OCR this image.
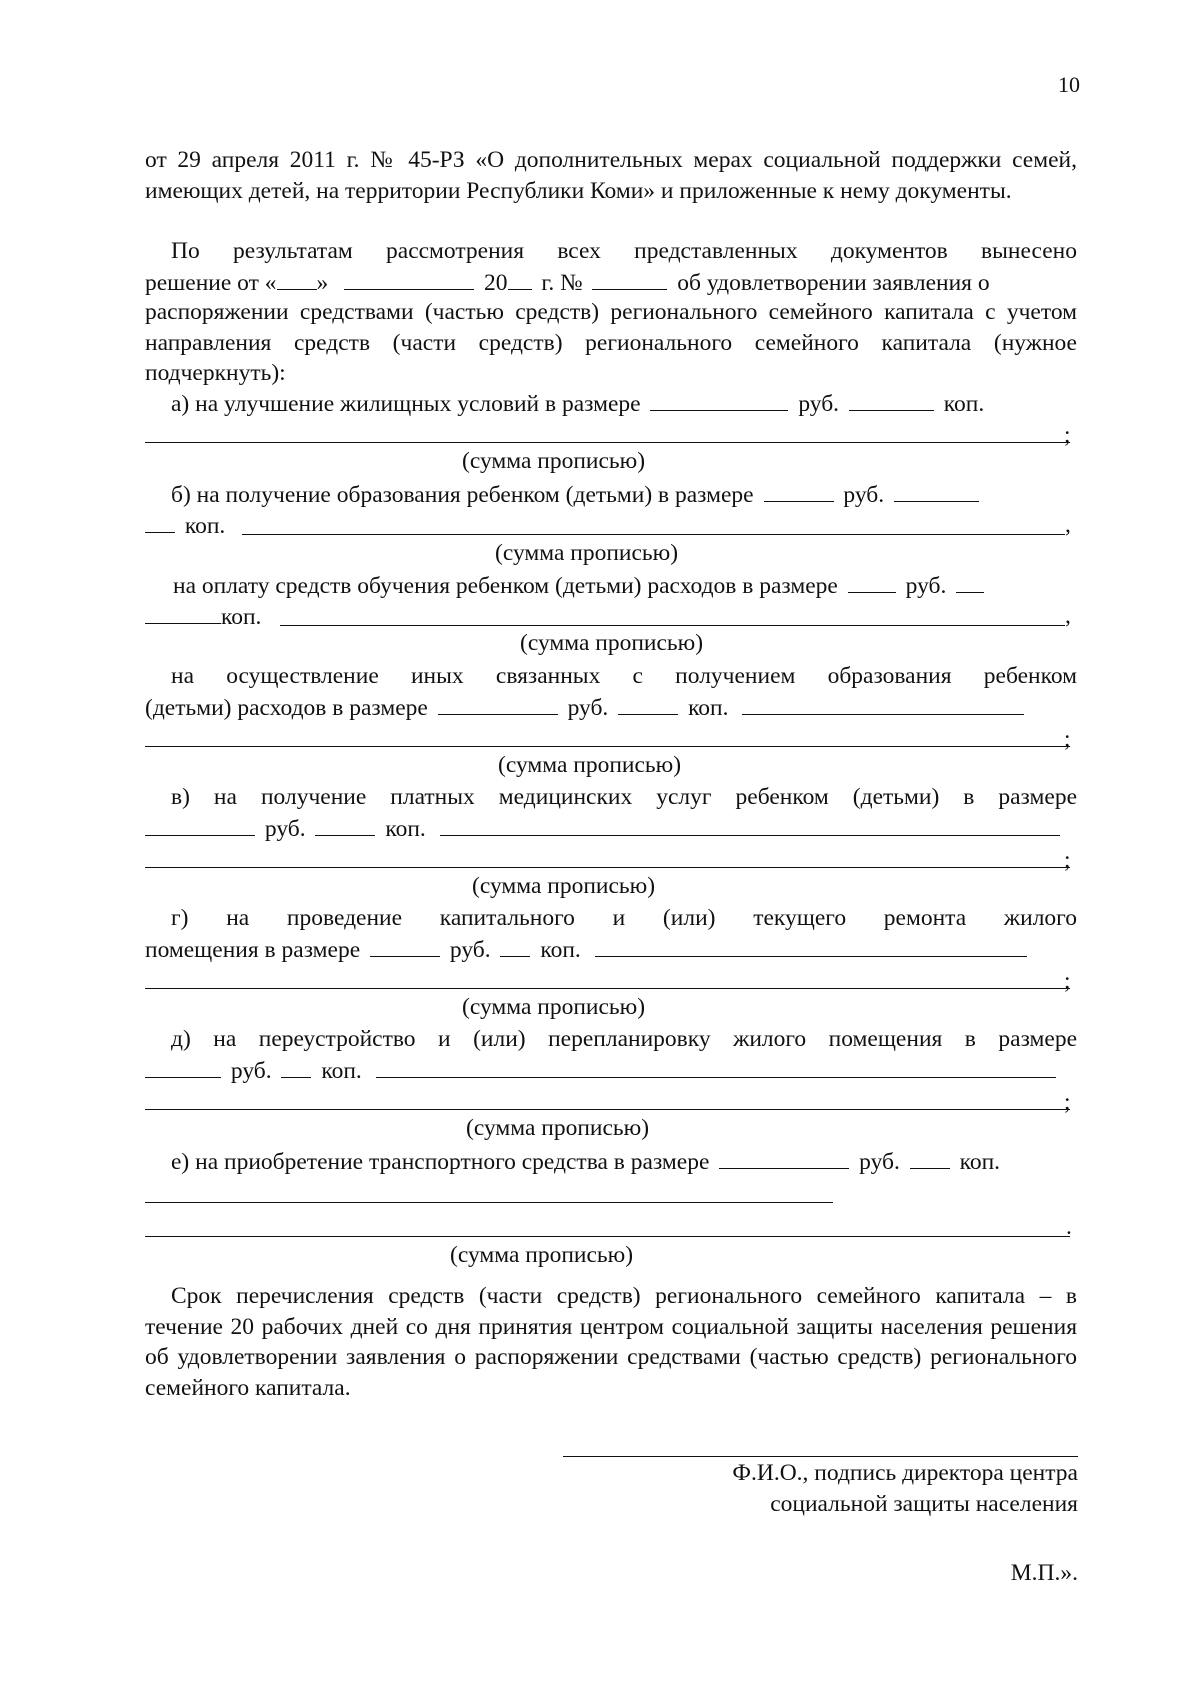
10
от 29 апреля 2011 г. № 45-РЗ «О дополнительных мерах социальной поддержки семей, имеющих детей, на территории Республики Коми» и приложенные к нему документы.
По результатам рассмотрения всех представленных документов вынесено
решение от « »	20 г. №	об удовлетворении заявления о
распоряжении средствами (частью средств) регионального семейного капитала с учетом направления средств (части средств) регионального семейного капитала (нужное подчеркнуть):
а) на улучшение жилищных условий в размере	руб.	коп.
;
(сумма прописью)
б) на получение образования ребенком (детьми) в размере	руб.
коп.	,
(сумма прописью)
на оплату средств обучения ребенком (детьми) расходов в размере	руб.
коп.	,
(сумма прописью)
на осуществление иных связанных с получением образования ребенком
(детьми) расходов в размере	руб.	коп.
;
(сумма прописью)
в) на получение платных медицинских услуг ребенком (детьми) в размере
руб.	коп.
;
(сумма прописью)
г) на проведение капитального и (или) текущего ремонта жилого
помещения в размере	руб. коп.
;
(сумма прописью)
д) на переустройство и (или) перепланировку жилого помещения в размере
руб. коп.
;
(сумма прописью)
е) на приобретение транспортного средства в размере	руб.	коп.
.
(сумма прописью)
Срок перечисления средств (части средств) регионального семейного капитала – в течение 20 рабочих дней со дня принятия центром социальной защиты населения решения об удовлетворении заявления о распоряжении средствами (частью средств) регионального семейного капитала.
Ф.И.О., подпись директора центра
социальной защиты населения
М.П.».
